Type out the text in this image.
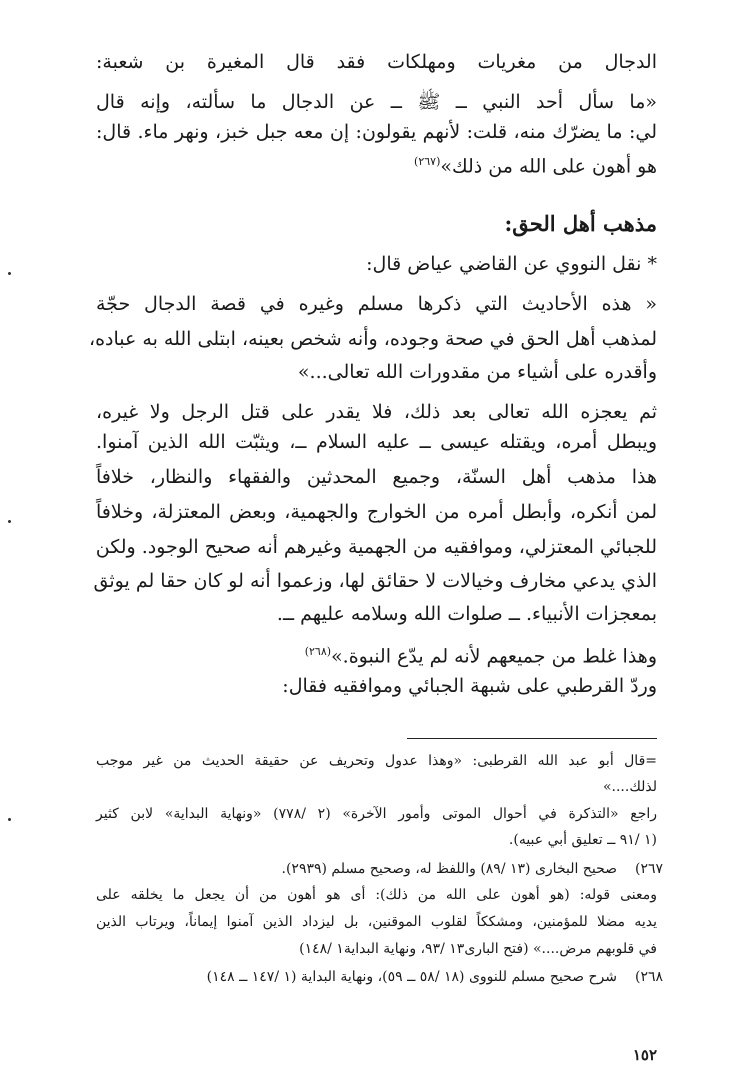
الدجال من مغريات ومهلكات فقد قال المغيرة بن شعبة:
«ما سأل أحد النبي ــ ﷺ ــ عن الدجال ما سألته، وإنه قال
لي: ما يضرّك منه، قلت: لأنهم يقولون: إن معه جبل خبز، ونهر ماء. قال:
هو أهون على الله من ذلك»$^{(٢٦٧)}$
مذهب أهل الحق:
* نقل النووي عن القاضي عياض قال:
« هذه الأحاديث التي ذكرها مسلم وغيره في قصة الدجال حجّة
لمذهب أهل الحق في صحة وجوده، وأنه شخص بعينه، ابتلى الله به عباده،
وأقدره على أشياء من مقدورات الله تعالى...»
ثم يعجزه الله تعالى بعد ذلك، فلا يقدر على قتل الرجل ولا غيره،
ويبطل أمره، ويقتله عيسى ــ عليه السلام ــ، ويثبّت الله الذين آمنوا.
هذا مذهب أهل السنّة، وجميع المحدثين والفقهاء والنظار، خلافاً
لمن أنكره، وأبطل أمره من الخوارج والجهمية، وبعض المعتزلة، وخلافاً
للجبائي المعتزلي، وموافقيه من الجهمية وغيرهم أنه صحيح الوجود. ولكن
الذي يدعي مخارف وخيالات لا حقائق لها، وزعموا أنه لو كان حقا لم يوثق
بمعجزات الأنبياء. ــ صلوات الله وسلامه عليهم ــ.
وهذا غلط من جميعهم لأنه لم يدّع النبوة.»$^{(٢٦٨)}$
وردّ القرطبي على شبهة الجبائي وموافقيه فقال:
=قال أبو عبد الله القرطبى: «وهذا عدول وتحريف عن حقيقة الحديث من غير موجب
لذلك....»
راجع «التذكرة في أحوال الموتى وأمور الآخرة» (٢ /٧٧٨) «ونهاية البداية» لابن كثير
(١ /٩١ ــ تعليق أبي عبيه).
٢٦٧)
صحيح البخارى (١٣ /٨٩) واللفظ له، وصحيح مسلم (٢٩٣٩).
ومعنى قوله: (هو أهون على الله من ذلك): أى هو أهون من أن يجعل ما يخلقه على
يديه مضلا للمؤمنين، ومشككاً لقلوب الموقنين، بل ليزداد الذين آمنوا إيماناً، ويرتاب الذين
في قلوبهم مرض....» (فتح البارى١٣ /٩٣، ونهاية البداية١ /١٤٨)
٢٦٨)
شرح صحيح مسلم للنووى (١٨ /٥٨ ــ ٥٩)، ونهاية البداية (١ /١٤٧ ــ ١٤٨)
١٥٢
